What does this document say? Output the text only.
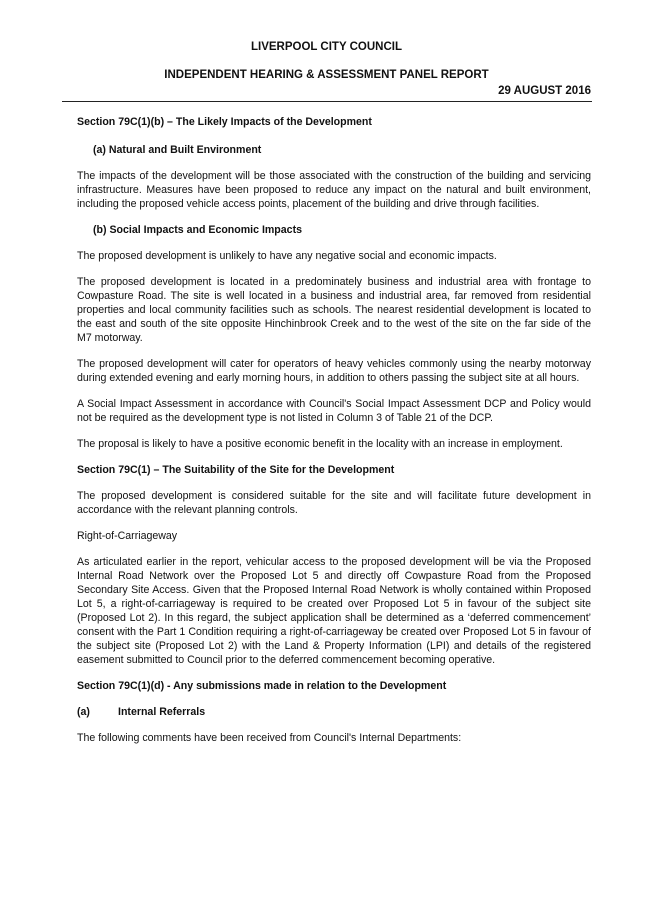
LIVERPOOL CITY COUNCIL
INDEPENDENT HEARING & ASSESSMENT PANEL REPORT
29 AUGUST 2016

Section 79C(1)(b) – The Likely Impacts of the Development

(a) Natural and Built Environment

The impacts of the development will be those associated with the construction of the building and servicing infrastructure. Measures have been proposed to reduce any impact on the natural and built environment, including the proposed vehicle access points, placement of the building and drive through facilities.

(b) Social Impacts and Economic Impacts

The proposed development is unlikely to have any negative social and economic impacts.

The proposed development is located in a predominately business and industrial area with frontage to Cowpasture Road. The site is well located in a business and industrial area, far removed from residential properties and local community facilities such as schools. The nearest residential development is located to the east and south of the site opposite Hinchinbrook Creek and to the west of the site on the far side of the M7 motorway.

The proposed development will cater for operators of heavy vehicles commonly using the nearby motorway during extended evening and early morning hours, in addition to others passing the subject site at all hours.

A Social Impact Assessment in accordance with Council's Social Impact Assessment DCP and Policy would not be required as the development type is not listed in Column 3 of Table 21 of the DCP.

The proposal is likely to have a positive economic benefit in the locality with an increase in employment.

Section 79C(1) – The Suitability of the Site for the Development

The proposed development is considered suitable for the site and will facilitate future development in accordance with the relevant planning controls.

Right-of-Carriageway

As articulated earlier in the report, vehicular access to the proposed development will be via the Proposed Internal Road Network over the Proposed Lot 5 and directly off Cowpasture Road from the Proposed Secondary Site Access. Given that the Proposed Internal Road Network is wholly contained within Proposed Lot 5, a right-of-carriageway is required to be created over Proposed Lot 5 in favour of the subject site (Proposed Lot 2). In this regard, the subject application shall be determined as a ‘deferred commencement’ consent with the Part 1 Condition requiring a right-of-carriageway be created over Proposed Lot 5 in favour of the subject site (Proposed Lot 2) with the Land & Property Information (LPI) and details of the registered easement submitted to Council prior to the deferred commencement becoming operative.

Section 79C(1)(d) - Any submissions made in relation to the Development

(a)	Internal Referrals

The following comments have been received from Council's Internal Departments:
